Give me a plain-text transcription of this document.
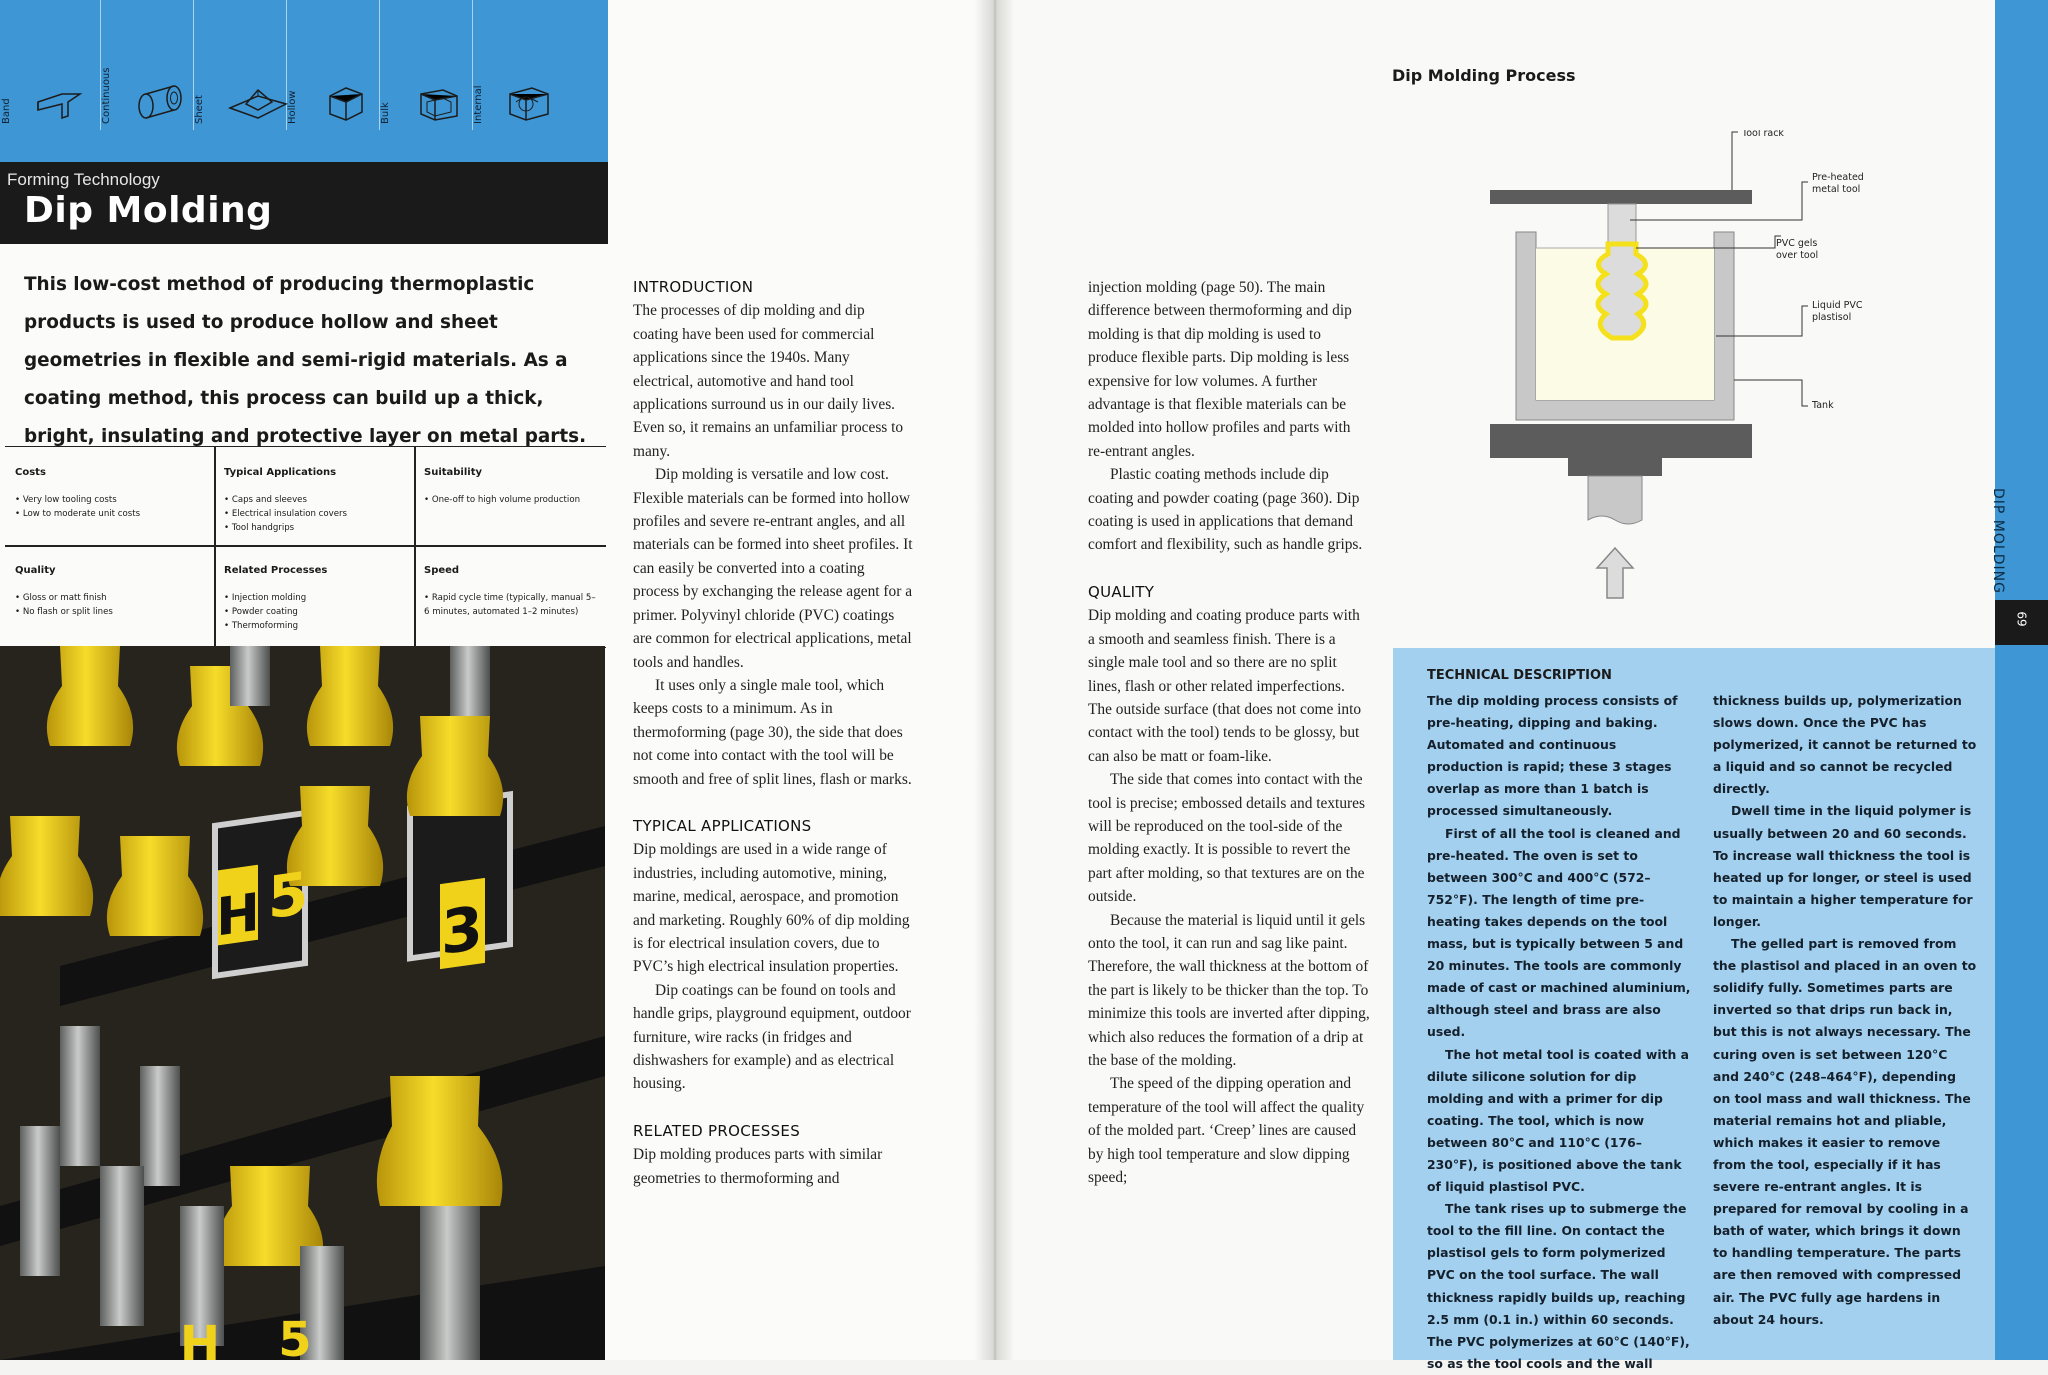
Band	Continuous	Sheet	Hollow	Bulk	Internal
Forming Technology
Dip Molding
This low-cost method of producing thermoplastic products is used to produce hollow and sheet geometries in flexible and semi-rigid materials. As a coating method, this process can build up a thick, bright, insulating and protective layer on metal parts.
Costs
• Very low tooling costs
• Low to moderate unit costs
Typical Applications
• Caps and sleeves
• Electrical insulation covers
• Tool handgrips
Suitability
• One-off to high volume production
Quality
• Gloss or matt finish
• No flash or split lines
Related Processes
• Injection molding
• Powder coating
• Thermoforming
Speed
• Rapid cycle time (typically, manual 5–6 minutes, automated 1–2 minutes)
H 5 3
H 5
INTRODUCTION

The processes of dip molding and dip coating have been used for commercial applications since the 1940s. Many electrical, automotive and hand tool applications surround us in our daily lives. Even so, it remains an unfamiliar process to many.

Dip molding is versatile and low cost. Flexible materials can be formed into hollow profiles and severe re-entrant angles, and all materials can be formed into sheet profiles. It can easily be converted into a coating process by exchanging the release agent for a primer. Polyvinyl chloride (PVC) coatings are common for electrical applications, metal tools and handles.

It uses only a single male tool, which keeps costs to a minimum. As in thermoforming (page 30), the side that does not come into contact with the tool will be smooth and free of split lines, flash or marks.

TYPICAL APPLICATIONS

Dip moldings are used in a wide range of industries, including automotive, mining, marine, medical, aerospace, and promotion and marketing. Roughly 60% of dip molding is for electrical insulation covers, due to PVC’s high electrical insulation properties.

Dip coatings can be found on tools and handle grips, playground equipment, outdoor furniture, wire racks (in fridges and dishwashers for example) and as electrical housing.

RELATED PROCESSES

Dip molding produces parts with similar geometries to thermoforming and

injection molding (page 50). The main difference between thermoforming and dip molding is that dip molding is used to produce flexible parts. Dip molding is less expensive for low volumes. A further advantage is that flexible materials can be molded into hollow profiles and parts with re-entrant angles.

Plastic coating methods include dip coating and powder coating (page 360). Dip coating is used in applications that demand comfort and flexibility, such as handle grips.

QUALITY

Dip molding and coating produce parts with a smooth and seamless finish. There is a single male tool and so there are no split lines, flash or other related imperfections. The outside surface (that does not come into contact with the tool) tends to be glossy, but can also be matt or foam-like.

The side that comes into contact with the tool is precise; embossed details and textures will be reproduced on the tool-side of the molding exactly. It is possible to revert the part after molding, so that textures are on the outside.

Because the material is liquid until it gels onto the tool, it can run and sag like paint. Therefore, the wall thickness at the bottom of the part is likely to be thicker than the top. To minimize this tools are inverted after dipping, which also reduces the formation of a drip at the base of the molding.

The speed of the dipping operation and temperature of the tool will affect the quality of the molded part. ‘Creep’ lines are caused by high tool temperature and slow dipping speed;

Dip Molding Process
Tool rack
Pre-heated
metal tool
PVC gels
over tool
Liquid PVC
plastisol
Tank
DIP MOLDING
69
TECHNICAL DESCRIPTION

The dip molding process consists of pre-heating, dipping and baking. Automated and continuous production is rapid; these 3 stages overlap as more than 1 batch is processed simultaneously.

First of all the tool is cleaned and pre-heated. The oven is set to between 300°C and 400°C (572–752°F). The length of time pre-heating takes depends on the tool mass, but is typically between 5 and 20 minutes. The tools are commonly made of cast or machined aluminium, although steel and brass are also used.

The hot metal tool is coated with a dilute silicone solution for dip molding and with a primer for dip coating. The tool, which is now between 80°C and 110°C (176–230°F), is positioned above the tank of liquid plastisol PVC.

The tank rises up to submerge the tool to the fill line. On contact the plastisol gels to form polymerized PVC on the tool surface. The wall thickness rapidly builds up, reaching 2.5 mm (0.1 in.) within 60 seconds. The PVC polymerizes at 60°C (140°F), so as the tool cools and the wall

thickness builds up, polymerization slows down. Once the PVC has polymerized, it cannot be returned to a liquid and so cannot be recycled directly.

Dwell time in the liquid polymer is usually between 20 and 60 seconds. To increase wall thickness the tool is heated up for longer, or steel is used to maintain a higher temperature for longer.

The gelled part is removed from the plastisol and placed in an oven to solidify fully. Sometimes parts are inverted so that drips run back in, but this is not always necessary. The curing oven is set between 120°C and 240°C (248–464°F), depending on tool mass and wall thickness. The material remains hot and pliable, which makes it easier to remove from the tool, especially if it has severe re-entrant angles. It is prepared for removal by cooling in a bath of water, which brings it down to handling temperature. The parts are then removed with compressed air. The PVC fully age hardens in about 24 hours.
